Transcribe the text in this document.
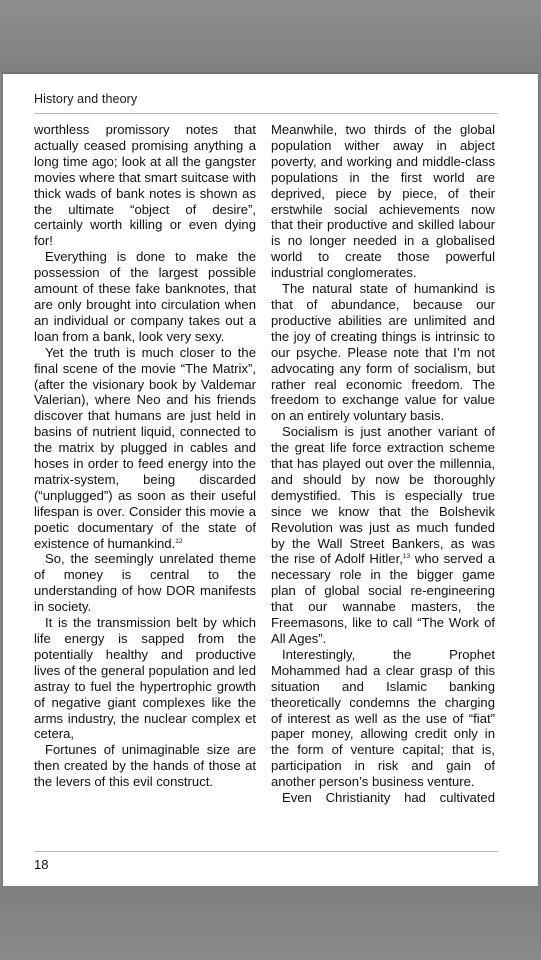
History and theory

worthless promissory notes that actually ceased promising anything a long time ago; look at all the gangster movies where that smart suitcase with thick wads of bank notes is shown as the ultimate “object of desire”, certainly worth killing or even dying for!

Everything is done to make the possession of the largest possible amount of these fake banknotes, that are only brought into circulation when an individual or company takes out a loan from a bank, look very sexy.

Yet the truth is much closer to the final scene of the movie “The Matrix”, (after the visionary book by Valdemar Valerian), where Neo and his friends discover that humans are just held in basins of nutrient liquid, connected to the matrix by plugged in cables and hoses in order to feed energy into the matrix-system, being discarded (“unplugged”) as soon as their useful lifespan is over. Consider this movie a poetic documentary of the state of existence of humankind.$^{12}$

So, the seemingly unrelated theme of money is central to the understanding of how DOR manifests in society.

It is the transmission belt by which life energy is sapped from the potentially healthy and productive lives of the general population and led astray to fuel the hypertrophic growth of negative giant complexes like the arms industry, the nuclear complex et cetera,

Fortunes of unimaginable size are then created by the hands of those at the levers of this evil construct.

Meanwhile, two thirds of the global population wither away in abject poverty, and working and middle-class populations in the first world are deprived, piece by piece, of their erstwhile social achievements now that their productive and skilled labour is no longer needed in a globalised world to create those powerful industrial conglomerates.

The natural state of humankind is that of abundance, because our productive abilities are unlimited and the joy of creating things is intrinsic to our psyche. Please note that I’m not advocating any form of socialism, but rather real economic freedom. The freedom to exchange value for value on an entirely voluntary basis.

Socialism is just another variant of the great life force extraction scheme that has played out over the millennia, and should by now be thoroughly demystified. This is especially true since we know that the Bolshevik Revolution was just as much funded by the Wall Street Bankers, as was the rise of Adolf Hitler,$^{13}$ who served a necessary role in the bigger game plan of global social re-engineering that our wannabe masters, the Freemasons, like to call “The Work of All Ages”.

Interestingly, the Prophet Mohammed had a clear grasp of this situation and Islamic banking theoretically condemns the charging of interest as well as the use of “fiat” paper money, allowing credit only in the form of venture capital; that is, participation in risk and gain of another person’s business venture.

Even Christianity had cultivated

18
